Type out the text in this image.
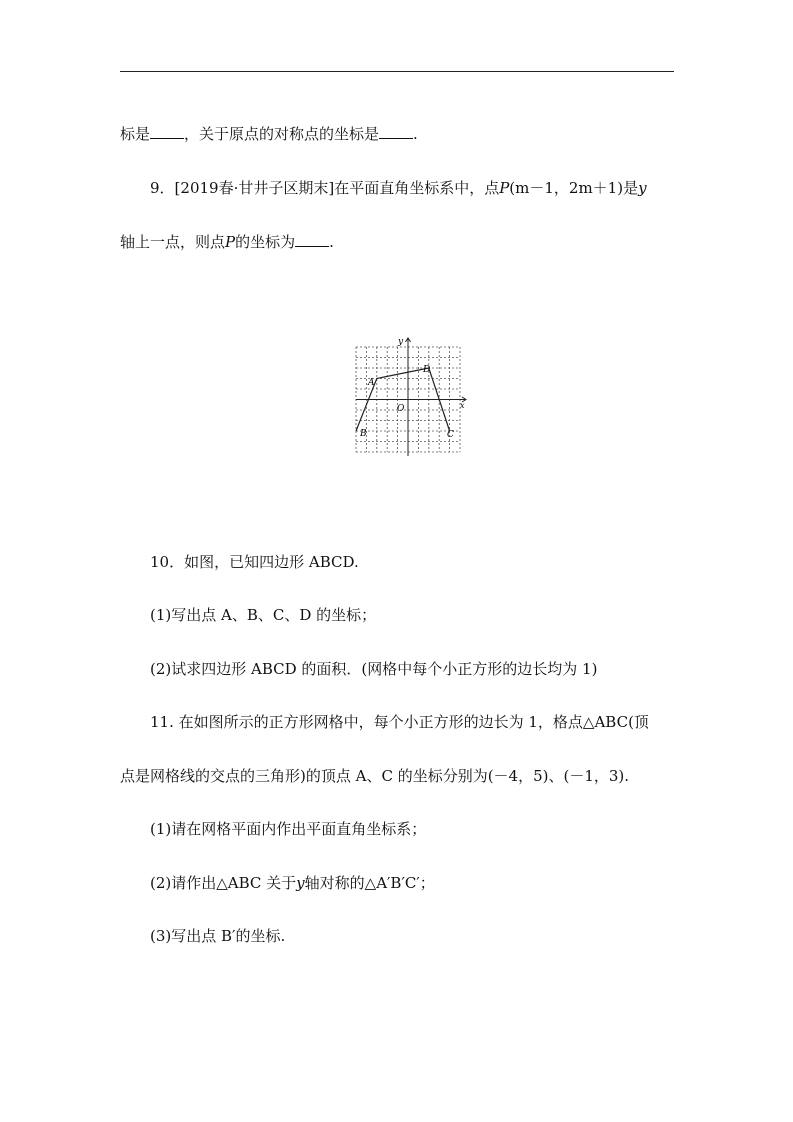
标是 ，关于原点的对称点的坐标是 .
9．[2019春·甘井子区期末]在平面直角坐标系中，点P(m－1，2m＋1)是y
轴上一点，则点P的坐标为 .
y
x
O
A
D
B	C
10．如图，已知四边形 ABCD.
(1)写出点 A、B、C、D 的坐标；
(2)试求四边形 ABCD 的面积．(网格中每个小正方形的边长均为 1)
11. 在如图所示的正方形网格中，每个小正方形的边长为 1，格点△ABC(顶
点是网格线的交点的三角形)的顶点 A、C 的坐标分别为(－4，5)、(－1，3).
(1)请在网格平面内作出平面直角坐标系；
(2)请作出△ABC 关于y轴对称的△A′B′C′；
(3)写出点 B′的坐标.
